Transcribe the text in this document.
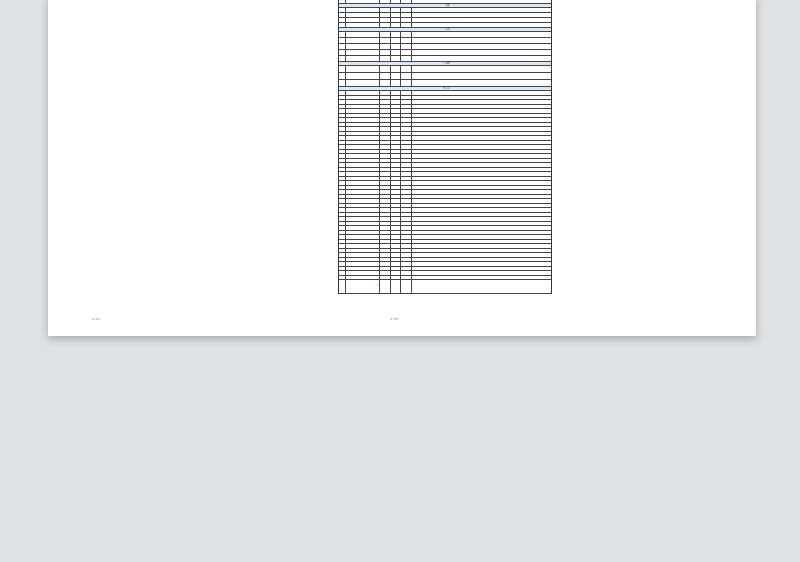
一.基础
二.油漆
三.墙面
四.水电
合计
客户签名：	签字盖章：
